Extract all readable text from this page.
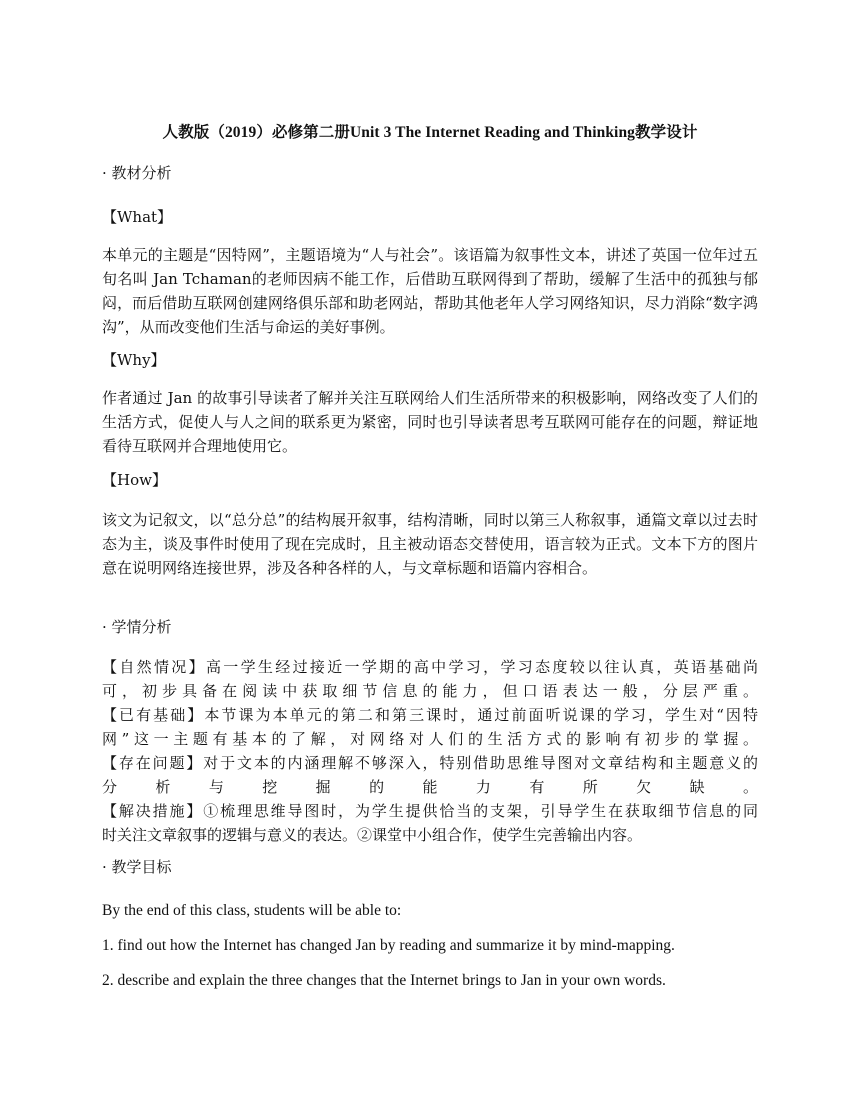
人教版（2019）必修第二册Unit 3 The Internet Reading and Thinking教学设计
· 教材分析
【What】

本单元的主题是“因特网”，主题语境为“人与社会”。该语篇为叙事性文本，讲述了英国一位年过五旬名叫 Jan Tchaman的老师因病不能工作，后借助互联网得到了帮助，缓解了生活中的孤独与郁闷，而后借助互联网创建网络俱乐部和助老网站，帮助其他老年人学习网络知识，尽力消除“数字鸿沟”，从而改变他们生活与命运的美好事例。

【Why】

作者通过 Jan 的故事引导读者了解并关注互联网给人们生活所带来的积极影响，网络改变了人们的生活方式，促使人与人之间的联系更为紧密，同时也引导读者思考互联网可能存在的问题，辩证地看待互联网并合理地使用它。

【How】

该文为记叙文，以“总分总”的结构展开叙事，结构清晰，同时以第三人称叙事，通篇文章以过去时态为主，谈及事件时使用了现在完成时，且主被动语态交替使用，语言较为正式。文本下方的图片意在说明网络连接世界，涉及各种各样的人，与文章标题和语篇内容相合。

· 学情分析
【自然情况】高一学生经过接近一学期的高中学习，学习态度较以往认真，英语基础尚
可，初步具备在阅读中获取细节信息的能力，但口语表达一般，分层严重。
【已有基础】本节课为本单元的第二和第三课时，通过前面听说课的学习，学生对“因特
网”这一主题有基本的了解，对网络对人们的生活方式的影响有初步的掌握。
【存在问题】对于文本的内涵理解不够深入，特别借助思维导图对文章结构和主题意义的
分析与挖掘的能力有所欠缺。
【解决措施】①梳理思维导图时，为学生提供恰当的支架，引导学生在获取细节信息的同
时关注文章叙事的逻辑与意义的表达。②课堂中小组合作，使学生完善输出内容。
· 教学目标
By the end of this class, students will be able to:
1. find out how the Internet has changed Jan by reading and summarize it by mind-mapping.
2. describe and explain the three changes that the Internet brings to Jan in your own words.
